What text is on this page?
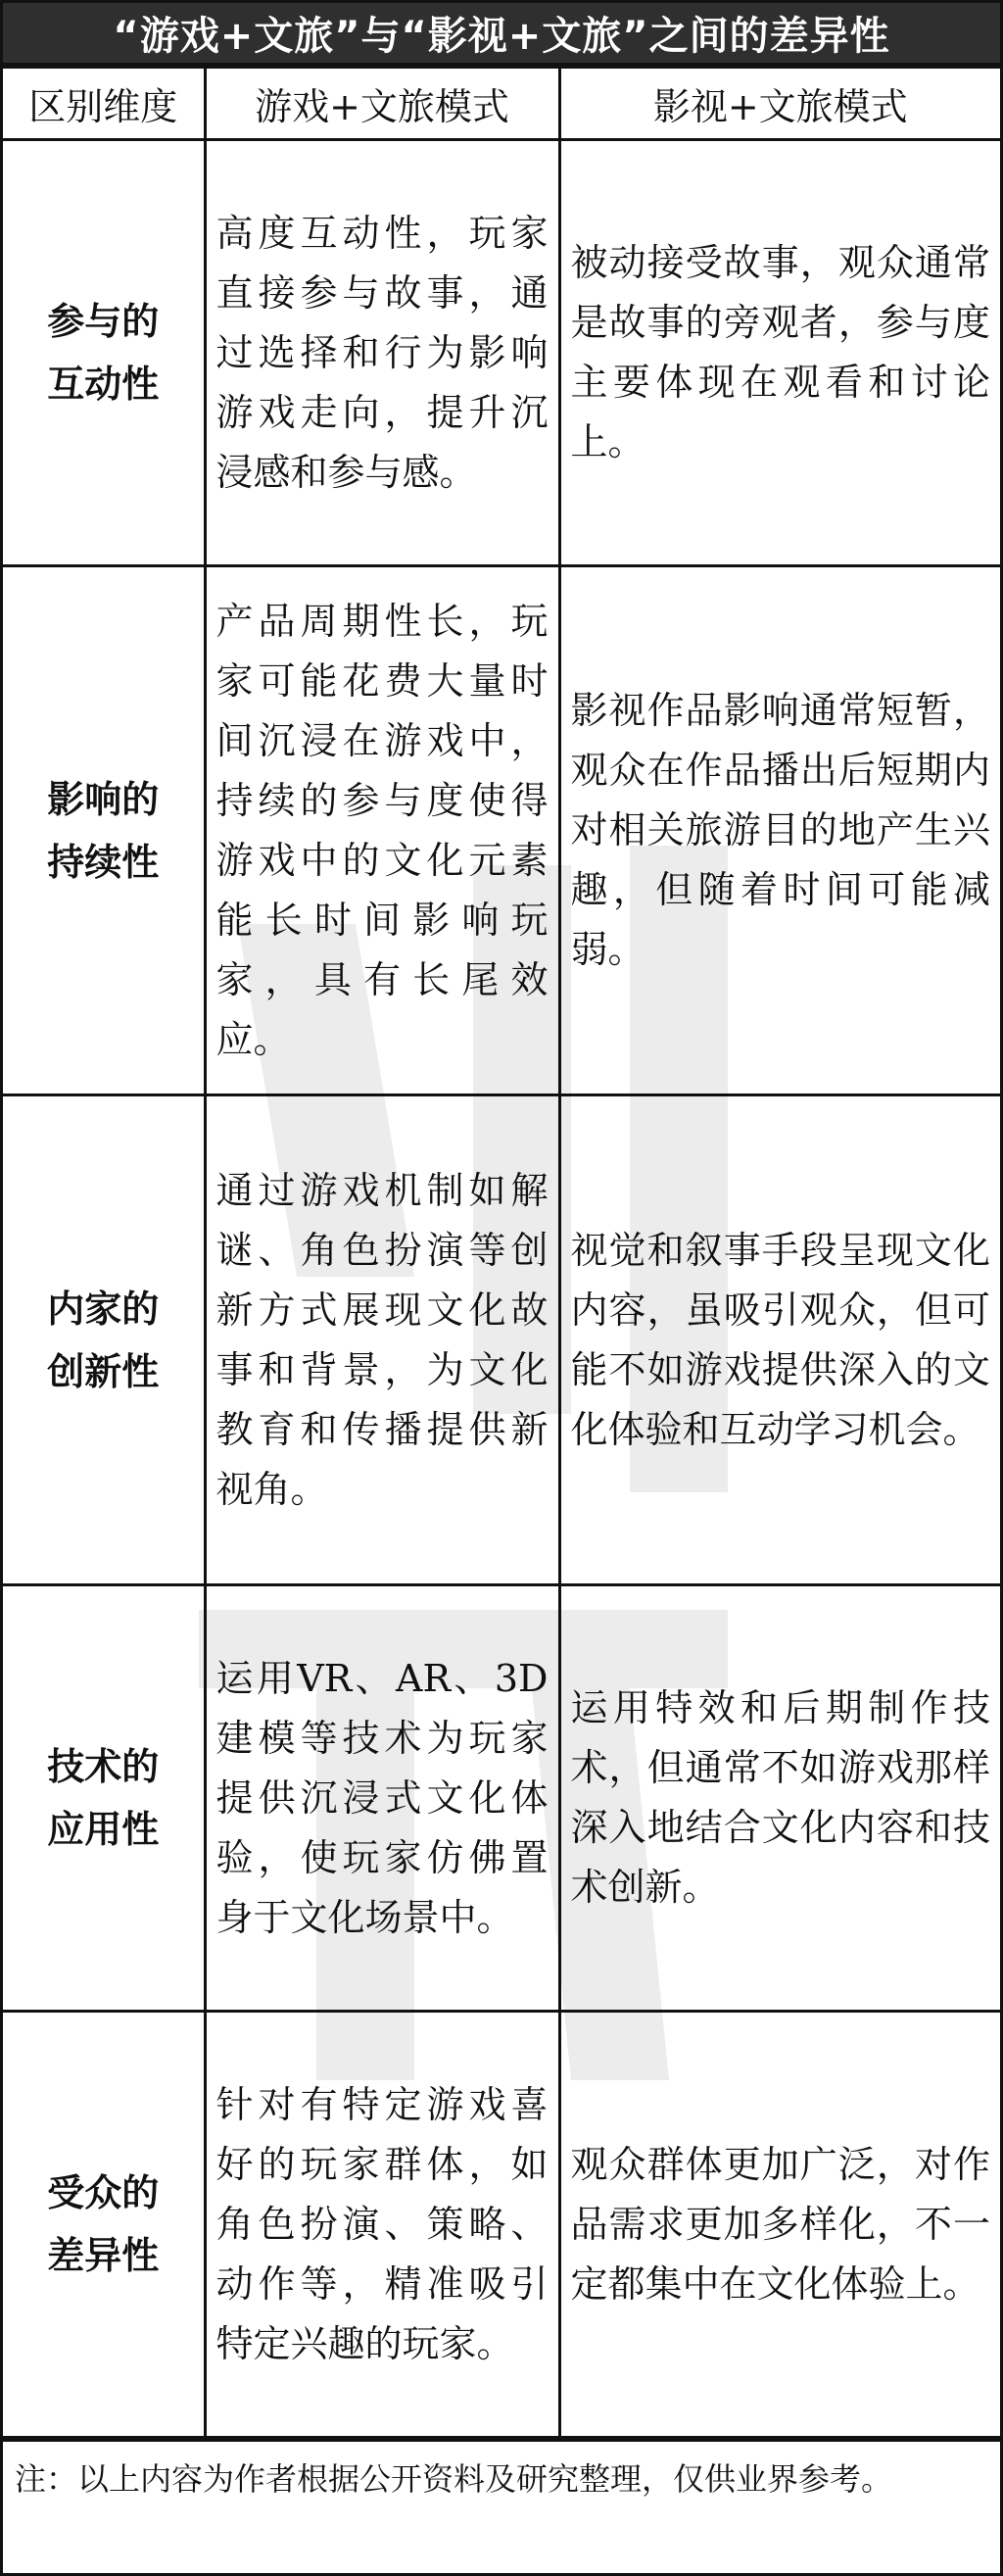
“游戏+文旅”与“影视+文旅”之间的差异性
区别维度	游戏+文旅模式	影视+文旅模式

参与的
互动性	高度互动性，玩家直接参与故事，通过选择和行为影响游戏走向，提升沉浸感和参与感。	被动接受故事，观众通常是故事的旁观者，参与度主要体现在观看和讨论上。

影响的
持续性	产品周期性长，玩家可能花费大量时间沉浸在游戏中，持续的参与度使得游戏中的文化元素能长时间影响玩家，具有长尾效应。	影视作品影响通常短暂，观众在作品播出后短期内对相关旅游目的地产生兴趣，但随着时间可能减弱。

内家的
创新性	通过游戏机制如解谜、角色扮演等创新方式展现文化故事和背景，为文化教育和传播提供新视角。	视觉和叙事手段呈现文化内容，虽吸引观众，但可能不如游戏提供深入的文化体验和互动学习机会。

技术的
应用性	运用VR、AR、3D建模等技术为玩家提供沉浸式文化体验，使玩家仿佛置身于文化场景中。	运用特效和后期制作技术，但通常不如游戏那样深入地结合文化内容和技术创新。

受众的
差异性	针对有特定游戏喜好的玩家群体，如角色扮演、策略、动作等，精准吸引特定兴趣的玩家。	观众群体更加广泛，对作品需求更加多样化，不一定都集中在文化体验上。
注：以上内容为作者根据公开资料及研究整理，仅供业界参考。
